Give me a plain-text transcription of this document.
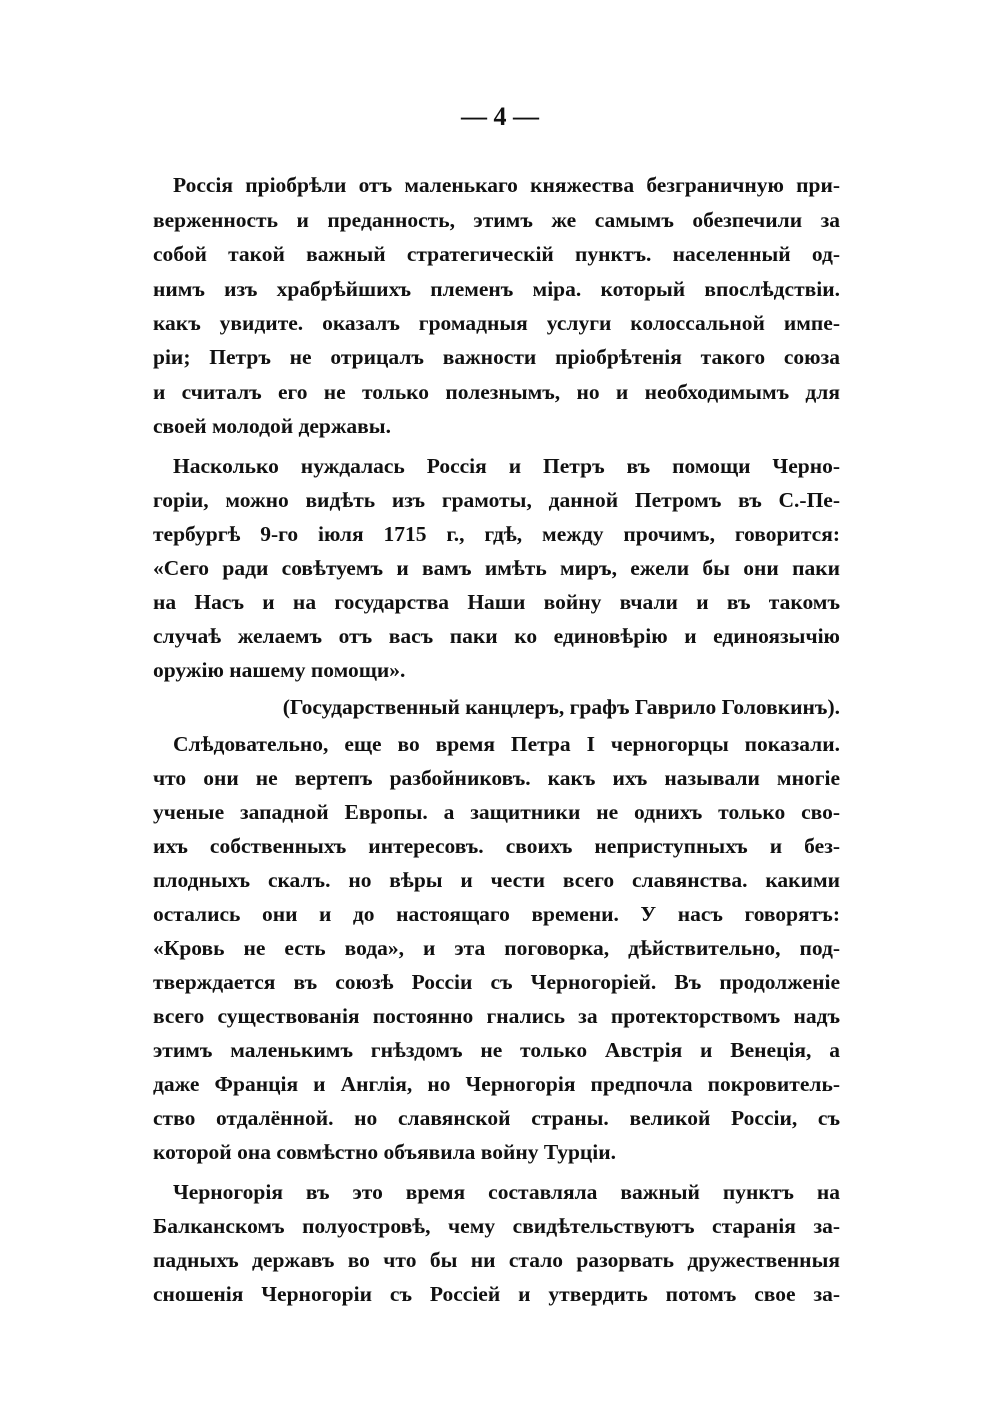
— 4 —
Россія пріобрѣли отъ маленькаго княжества безграничную при-
верженность и преданность, этимъ же самымъ обезпечили за
собой такой важный стратегическій пунктъ. населенный од-
нимъ изъ храбрѣйшихъ племенъ міра. который впослѣдствіи.
какъ увидите. оказалъ громадныя услуги колоссальной импе-
ріи; Петръ не отрицалъ важности пріобрѣтенія такого союза
и считалъ его не только полезнымъ, но и необходимымъ для
своей молодой державы.
Насколько нуждалась Россія и Петръ въ помощи Черно-
горіи, можно видѣть изъ грамоты, данной Петромъ въ С.-Пе-
тербургѣ 9-го іюля 1715 г., гдѣ, между прочимъ, говорится:
«Сего ради совѣтуемъ и вамъ имѣть миръ, ежели бы они паки
на Насъ и на государства Наши войну вчали и въ такомъ
случаѣ желаемъ отъ васъ паки ко единовѣрію и единоязычію
оружію нашему помощи».
(Государственный канцлеръ, графъ Гаврило Головкинъ).
Слѣдовательно, еще во время Петра I черногорцы показали.
что они не вертепъ разбойниковъ. какъ ихъ называли многіе
ученые западной Европы. а защитники не однихъ только сво-
ихъ собственныхъ интересовъ. своихъ неприступныхъ и без-
плодныхъ скалъ. но вѣры и чести всего славянства. какими
остались они и до настоящаго времени. У насъ говорятъ:
«Кровь не есть вода», и эта поговорка, дѣйствительно, под-
тверждается въ союзѣ Россіи съ Черногоріей. Въ продолженіе
всего существованія постоянно гнались за протекторствомъ надъ
этимъ маленькимъ гнѣздомъ не только Австрія и Венеція, а
даже Франція и Англія, но Черногорія предпочла покровитель-
ство отдалённой. но славянской страны. великой Россіи, съ
которой она совмѣстно объявила войну Турціи.
Черногорія въ это время составляла важный пунктъ на
Балканскомъ полуостровѣ, чему свидѣтельствуютъ старанія за-
падныхъ державъ во что бы ни стало разорвать дружественныя
сношенія Черногоріи съ Россіей и утвердить потомъ свое за-
